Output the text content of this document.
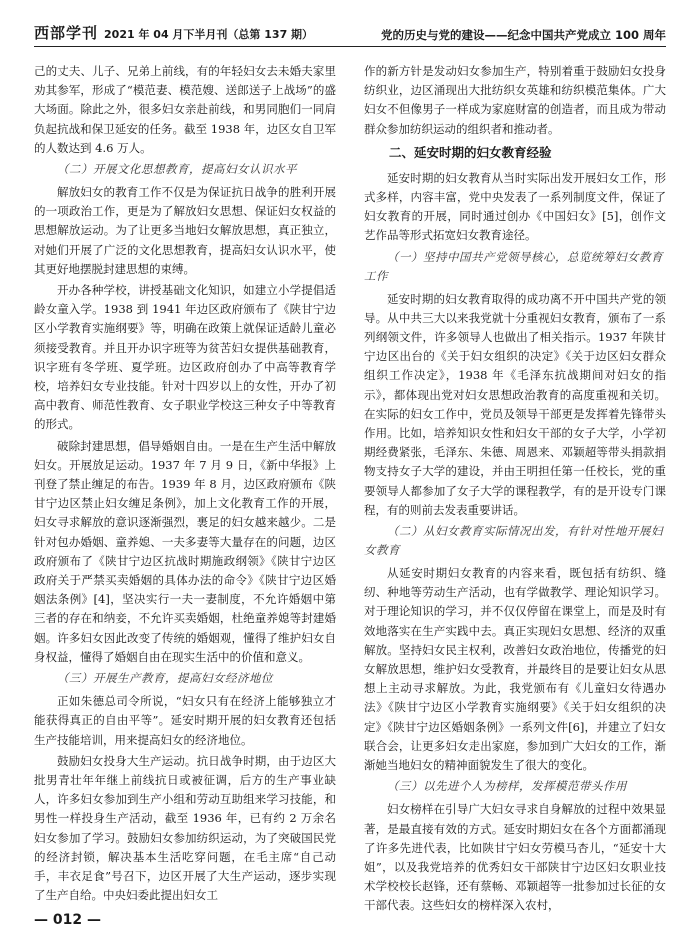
西部学刊 2021 年 04 月下半月刊（总第 137 期）	党的历史与党的建设——纪念中国共产党成立 100 周年

己的丈夫、儿子、兄弟上前线，有的年轻妇女去未婚夫家里劝其参军，形成了“模范妻、模范嫂、送郎送子上战场”的盛大场面。除此之外，很多妇女亲赴前线，和男同胞们一同肩负起抗战和保卫延安的任务。截至 1938 年，边区女自卫军的人数达到 4.6 万人。

（二）开展文化思想教育，提高妇女认识水平

解放妇女的教育工作不仅是为保证抗日战争的胜利开展的一项政治工作，更是为了解放妇女思想、保证妇女权益的思想解放运动。为了让更多当地妇女解放思想，真正独立，对她们开展了广泛的文化思想教育，提高妇女认识水平，使其更好地摆脱封建思想的束缚。

开办各种学校，讲授基础文化知识，如建立小学提倡适龄女童入学。1938 到 1941 年边区政府颁布了《陕甘宁边区小学教育实施纲要》等，明确在政策上就保证适龄儿童必须接受教育。并且开办识字班等为贫苦妇女提供基础教育，识字班有冬学班、夏学班。边区政府创办了中高等教育学校，培养妇女专业技能。针对十四岁以上的女性，开办了初高中教育、师范性教育、女子职业学校这三种女子中等教育的形式。

破除封建思想，倡导婚姻自由。一是在生产生活中解放妇女。开展放足运动。1937 年 7 月 9 日，《新中华报》上刊登了禁止缠足的布告。1939 年 8 月，边区政府颁布《陕甘宁边区禁止妇女缠足条例》，加上文化教育工作的开展，妇女寻求解放的意识逐渐强烈，裹足的妇女越来越少。二是针对包办婚姻、童养媳、一夫多妻等大量存在的问题，边区政府颁布了《陕甘宁边区抗战时期施政纲领》《陕甘宁边区政府关于严禁买卖婚姻的具体办法的命令》《陕甘宁边区婚姻法条例》[4]，坚决实行一夫一妻制度，不允许婚姻中第三者的存在和纳妾，不允许买卖婚姻，杜绝童养媳等封建婚姻。许多妇女因此改变了传统的婚姻观，懂得了维护妇女自身权益，懂得了婚姻自由在现实生活中的价值和意义。

（三）开展生产教育，提高妇女经济地位

正如朱德总司令所说，“妇女只有在经济上能够独立才能获得真正的自由平等”。延安时期开展的妇女教育还包括生产技能培训，用来提高妇女的经济地位。

鼓励妇女投身大生产运动。抗日战争时期，由于边区大批男青壮年年继上前线抗日或被征调，后方的生产事业缺人，许多妇女参加到生产小组和劳动互助组来学习技能，和男性一样投身生产活动，截至 1936 年，已有约 2 万余名妇女参加了学习。鼓励妇女参加纺织运动，为了突破国民党的经济封锁，解决基本生活吃穿问题，在毛主席“自己动手，丰衣足食”号召下，边区开展了大生产运动，逐步实现了生产自给。中央妇委此提出妇女工

作的新方针是发动妇女参加生产，特别着重于鼓励妇女投身纺织业，边区涌现出大批纺织女英雄和纺织模范集体。广大妇女不但像男子一样成为家庭财富的创造者，而且成为带动群众参加纺织运动的组织者和推动者。

二、延安时期的妇女教育经验

延安时期的妇女教育从当时实际出发开展妇女工作，形式多样，内容丰富，党中央发表了一系列制度文件，保证了妇女教育的开展，同时通过创办《中国妇女》[5]，创作文艺作品等形式拓宽妇女教育途径。

（一）坚持中国共产党领导核心，总览统筹妇女教育工作

延安时期的妇女教育取得的成功离不开中国共产党的领导。从中共三大以来我党就十分重视妇女教育，颁布了一系列纲领文件，许多领导人也做出了相关指示。1937 年陕甘宁边区出台的《关于妇女组织的决定》《关于边区妇女群众组织工作决定》，1938 年《毛泽东抗战期间对妇女的指示》，都体现出党对妇女思想政治教育的高度重视和关切。在实际的妇女工作中，党员及领导干部更是发挥着先锋带头作用。比如，培养知识女性和妇女干部的女子大学，小学初期经费紧张，毛泽东、朱德、周恩来、邓颖超等带头捐款捐物支持女子大学的建设，并由王明担任第一任校长，党的重要领导人都参加了女子大学的课程教学，有的是开设专门课程，有的则前去发表重要讲话。

（二）从妇女教育实际情况出发，有针对性地开展妇女教育

从延安时期妇女教育的内容来看，既包括有纺织、缝纫、种地等劳动生产活动，也有学做教学、理论知识学习。对于理论知识的学习，并不仅仅停留在课堂上，而是及时有效地落实在生产实践中去。真正实现妇女思想、经济的双重解放。坚持妇女民主权利，改善妇女政治地位，传播党的妇女解放思想，维护妇女受教育，并最终目的是要让妇女从思想上主动寻求解放。为此，我党颁布有《儿童妇女待遇办法》《陕甘宁边区小学教育实施纲要》《关于妇女组织的决定》《陕甘宁边区婚姻条例》一系列文件[6]，并建立了妇女联合会，让更多妇女走出家庭，参加到广大妇女的工作，渐渐她当地妇女的精神面貌发生了很大的变化。

（三）以先进个人为榜样，发挥模范带头作用

妇女榜样在引导广大妇女寻求自身解放的过程中效果显著，是最直接有效的方式。延安时期妇女在各个方面都涌现了许多先进代表，比如陕甘宁妇女劳模马杏儿，“延安十大姐”，以及我党培养的优秀妇女干部陕甘宁边区妇女职业技术学校校长赵锋，还有蔡畅、邓颖超等一批参加过长征的女干部代表。这些妇女的榜样深入农村，

— 012 —
